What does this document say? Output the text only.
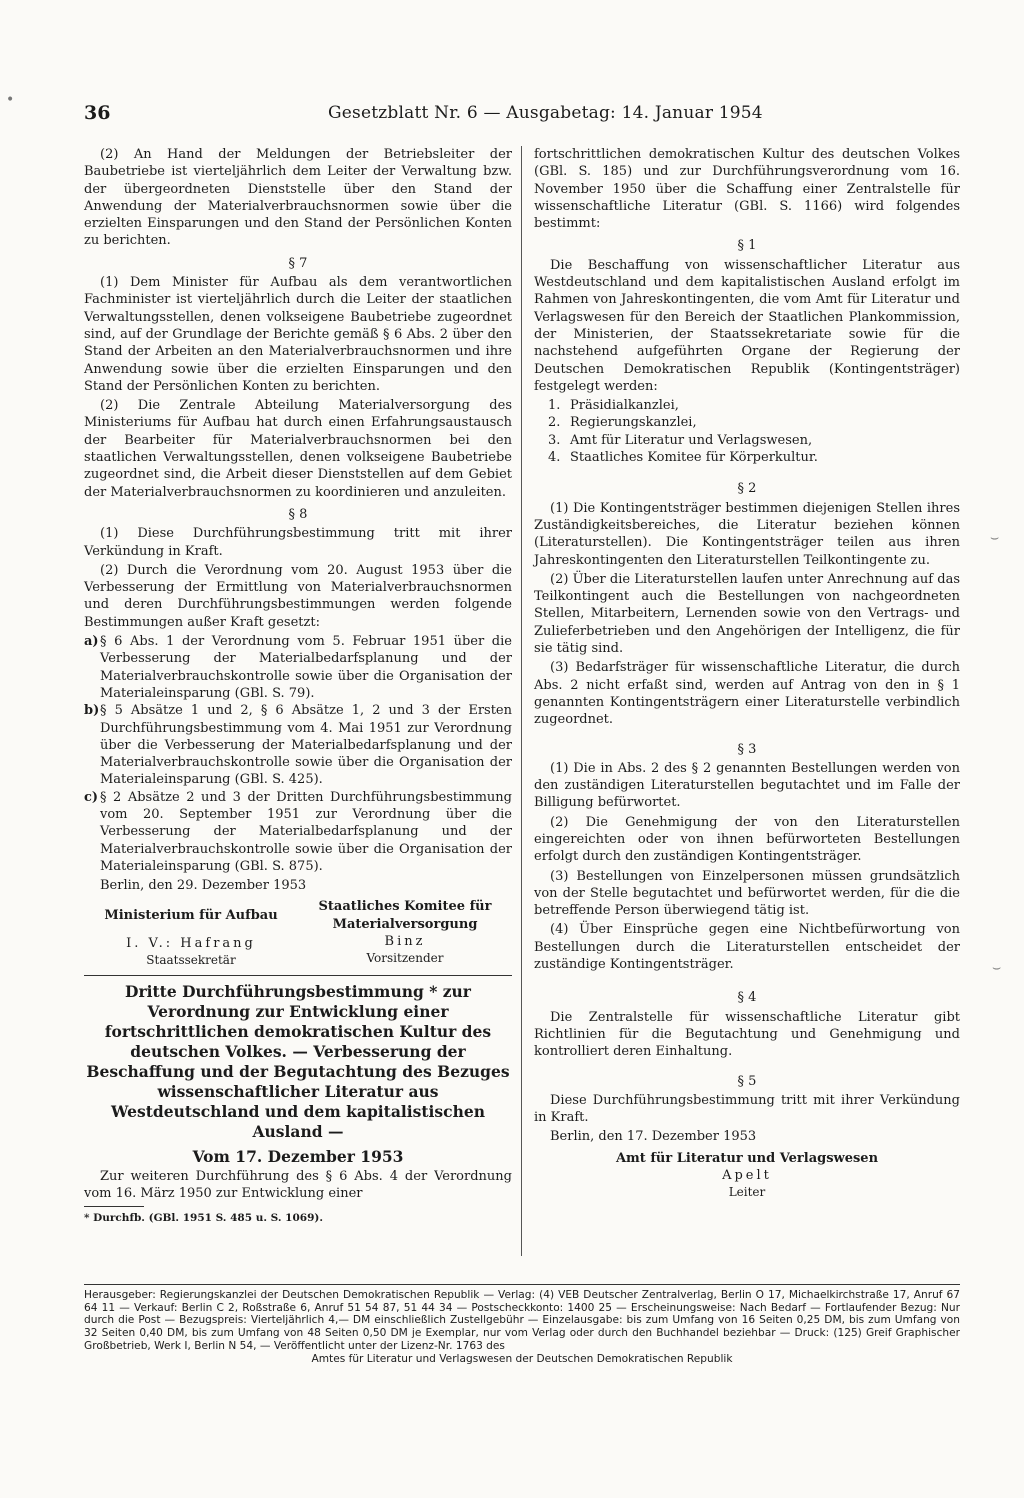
36	Gesetzblatt Nr. 6 — Ausgabetag: 14. Januar 1954

(2) An Hand der Meldungen der Betriebsleiter der Baubetriebe ist vierteljährlich dem Leiter der Verwaltung bzw. der übergeordneten Dienststelle über den Stand der Anwendung der Materialverbrauchsnormen sowie über die erzielten Einsparungen und den Stand der Persönlichen Konten zu berichten.

§ 7

(1) Dem Minister für Aufbau als dem verantwortlichen Fachminister ist vierteljährlich durch die Leiter der staatlichen Verwaltungsstellen, denen volkseigene Baubetriebe zugeordnet sind, auf der Grundlage der Berichte gemäß § 6 Abs. 2 über den Stand der Arbeiten an den Materialverbrauchsnormen und ihre Anwendung sowie über die erzielten Einsparungen und den Stand der Persönlichen Konten zu berichten.

(2) Die Zentrale Abteilung Materialversorgung des Ministeriums für Aufbau hat durch einen Erfahrungsaustausch der Bearbeiter für Materialverbrauchsnormen bei den staatlichen Verwaltungsstellen, denen volkseigene Baubetriebe zugeordnet sind, die Arbeit dieser Dienststellen auf dem Gebiet der Materialverbrauchsnormen zu koordinieren und anzuleiten.

§ 8

(1) Diese Durchführungsbestimmung tritt mit ihrer Verkündung in Kraft.

(2) Durch die Verordnung vom 20. August 1953 über die Verbesserung der Ermittlung von Materialverbrauchsnormen und deren Durchführungsbestimmungen werden folgende Bestimmungen außer Kraft gesetzt:

a) § 6 Abs. 1 der Verordnung vom 5. Februar 1951 über die Verbesserung der Materialbedarfsplanung und der Materialverbrauchskontrolle sowie über die Organisation der Materialeinsparung (GBl. S. 79).
b) § 5 Absätze 1 und 2, § 6 Absätze 1, 2 und 3 der Ersten Durchführungsbestimmung vom 4. Mai 1951 zur Verordnung über die Verbesserung der Materialbedarfsplanung und der Materialverbrauchskontrolle sowie über die Organisation der Materialeinsparung (GBl. S. 425).
c) § 2 Absätze 2 und 3 der Dritten Durchführungsbestimmung vom 20. September 1951 zur Verordnung über die Verbesserung der Materialbedarfsplanung und der Materialverbrauchskontrolle sowie über die Organisation der Materialeinsparung (GBl. S. 875).

Berlin, den 29. Dezember 1953

Ministerium für Aufbau
I. V.: Hafrang
Staatssekretär
Staatliches Komitee für Materialversorgung
Binz
Vorsitzender

Dritte Durchführungsbestimmung * zur Verordnung zur Entwicklung einer fortschrittlichen demokratischen Kultur des deutschen Volkes. — Verbesserung der Beschaffung und der Begutachtung des Bezuges wissenschaftlicher Literatur aus Westdeutschland und dem kapitalistischen Ausland —

Vom 17. Dezember 1953

Zur weiteren Durchführung des § 6 Abs. 4 der Verordnung vom 16. März 1950 zur Entwicklung einer

* Durchfb. (GBl. 1951 S. 485 u. S. 1069).

fortschrittlichen demokratischen Kultur des deutschen Volkes (GBl. S. 185) und zur Durchführungsverordnung vom 16. November 1950 über die Schaffung einer Zentralstelle für wissenschaftliche Literatur (GBl. S. 1166) wird folgendes bestimmt:

§ 1

Die Beschaffung von wissenschaftlicher Literatur aus Westdeutschland und dem kapitalistischen Ausland erfolgt im Rahmen von Jahreskontingenten, die vom Amt für Literatur und Verlagswesen für den Bereich der Staatlichen Plankommission, der Ministerien, der Staatssekretariate sowie für die nachstehend aufgeführten Organe der Regierung der Deutschen Demokratischen Republik (Kontingentsträger) festgelegt werden:

1. Präsidialkanzlei,
2. Regierungskanzlei,
3. Amt für Literatur und Verlagswesen,
4. Staatliches Komitee für Körperkultur.

§ 2

(1) Die Kontingentsträger bestimmen diejenigen Stellen ihres Zuständigkeitsbereiches, die Literatur beziehen können (Literaturstellen). Die Kontingentsträger teilen aus ihren Jahreskontingenten den Literaturstellen Teilkontingente zu.

(2) Über die Literaturstellen laufen unter Anrechnung auf das Teilkontingent auch die Bestellungen von nachgeordneten Stellen, Mitarbeitern, Lernenden sowie von den Vertrags- und Zulieferbetrieben und den Angehörigen der Intelligenz, die für sie tätig sind.

(3) Bedarfsträger für wissenschaftliche Literatur, die durch Abs. 2 nicht erfaßt sind, werden auf Antrag von den in § 1 genannten Kontingentsträgern einer Literaturstelle verbindlich zugeordnet.

§ 3

(1) Die in Abs. 2 des § 2 genannten Bestellungen werden von den zuständigen Literaturstellen begutachtet und im Falle der Billigung befürwortet.

(2) Die Genehmigung der von den Literaturstellen eingereichten oder von ihnen befürworteten Bestellungen erfolgt durch den zuständigen Kontingentsträger.

(3) Bestellungen von Einzelpersonen müssen grundsätzlich von der Stelle begutachtet und befürwortet werden, für die die betreffende Person überwiegend tätig ist.

(4) Über Einsprüche gegen eine Nichtbefürwortung von Bestellungen durch die Literaturstellen entscheidet der zuständige Kontingentsträger.

§ 4

Die Zentralstelle für wissenschaftliche Literatur gibt Richtlinien für die Begutachtung und Genehmigung und kontrolliert deren Einhaltung.

§ 5

Diese Durchführungsbestimmung tritt mit ihrer Verkündung in Kraft.

Berlin, den 17. Dezember 1953

Amt für Literatur und Verlagswesen
Apelt
Leiter

Herausgeber: Regierungskanzlei der Deutschen Demokratischen Republik — Verlag: (4) VEB Deutscher Zentralverlag, Berlin O 17, Michaelkirchstraße 17, Anruf 67 64 11 — Verkauf: Berlin C 2, Roßstraße 6, Anruf 51 54 87, 51 44 34 — Postscheckkonto: 1400 25 — Erscheinungsweise: Nach Bedarf — Fortlaufender Bezug: Nur durch die Post — Bezugspreis: Vierteljährlich 4,— DM einschließlich Zustellgebühr — Einzelausgabe: bis zum Umfang von 16 Seiten 0,25 DM, bis zum Umfang von 32 Seiten 0,40 DM, bis zum Umfang von 48 Seiten 0,50 DM je Exemplar, nur vom Verlag oder durch den Buchhandel beziehbar — Druck: (125) Greif Graphischer Großbetrieb, Werk I, Berlin N 54, — Veröffentlicht unter der Lizenz-Nr. 1763 des

Amtes für Literatur und Verlagswesen der Deutschen Demokratischen Republik

•
⌣
⌣
